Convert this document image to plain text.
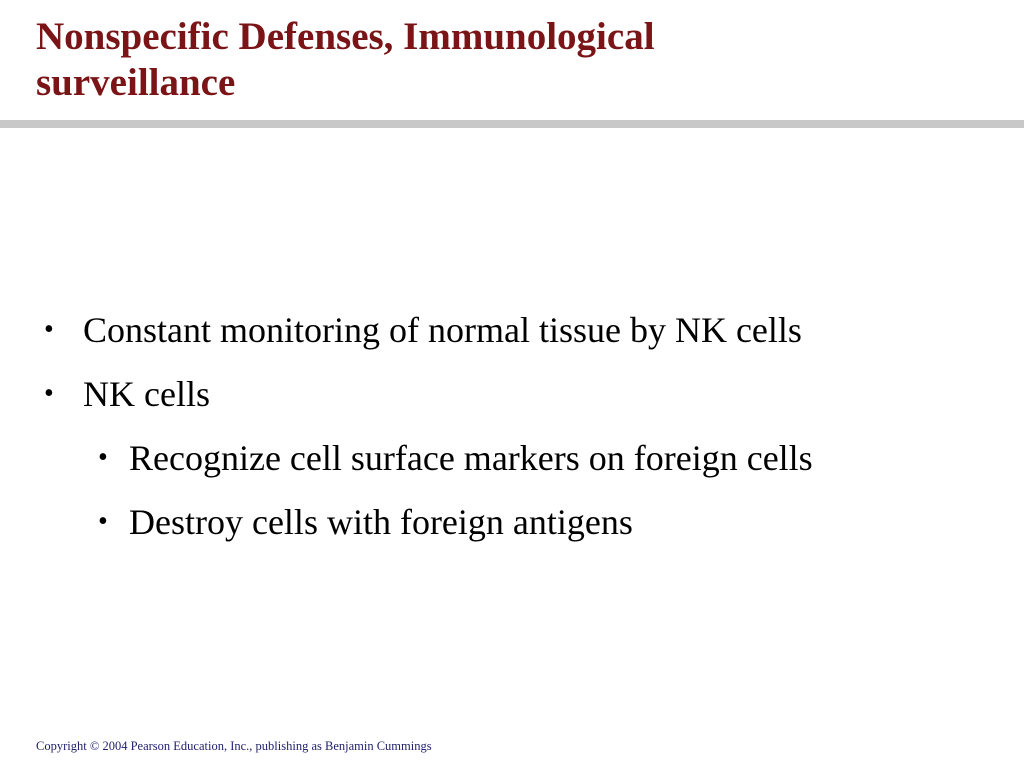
Nonspecific Defenses, Immunological
surveillance
• Constant monitoring of normal tissue by NK cells
• NK cells
• Recognize cell surface markers on foreign cells
• Destroy cells with foreign antigens
Copyright © 2004 Pearson Education, Inc., publishing as Benjamin Cummings
